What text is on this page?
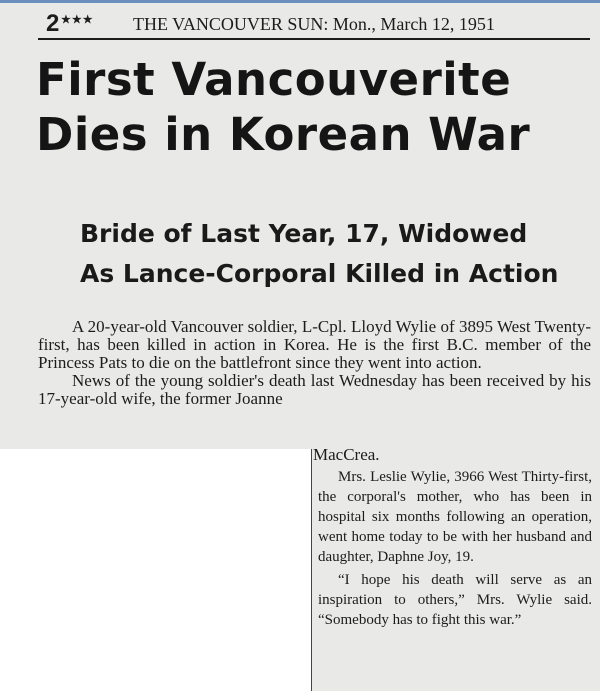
2 ★★★ THE VANCOUVER SUN: Mon., March 12, 1951
First Vancouverite
Dies in Korean War
Bride of Last Year, 17, Widowed
As Lance-Corporal Killed in Action

A 20-year-old Vancouver soldier, L-Cpl. Lloyd Wylie of 3895 West Twenty-first, has been killed in action in Korea. He is the first B.C. member of the Princess Pats to die on the battlefront since they went into action.

News of the young soldier's death last Wednesday has been received by his 17-year-old wife, the former Joanne

MacCrea.

Mrs. Leslie Wylie, 3966 West Thirty-first, the corporal's mother, who has been in hospital six months following an operation, went home today to be with her husband and daughter, Daphne Joy, 19.

“I hope his death will serve as an inspiration to others,” Mrs. Wylie said. “Somebody has to fight this war.”
